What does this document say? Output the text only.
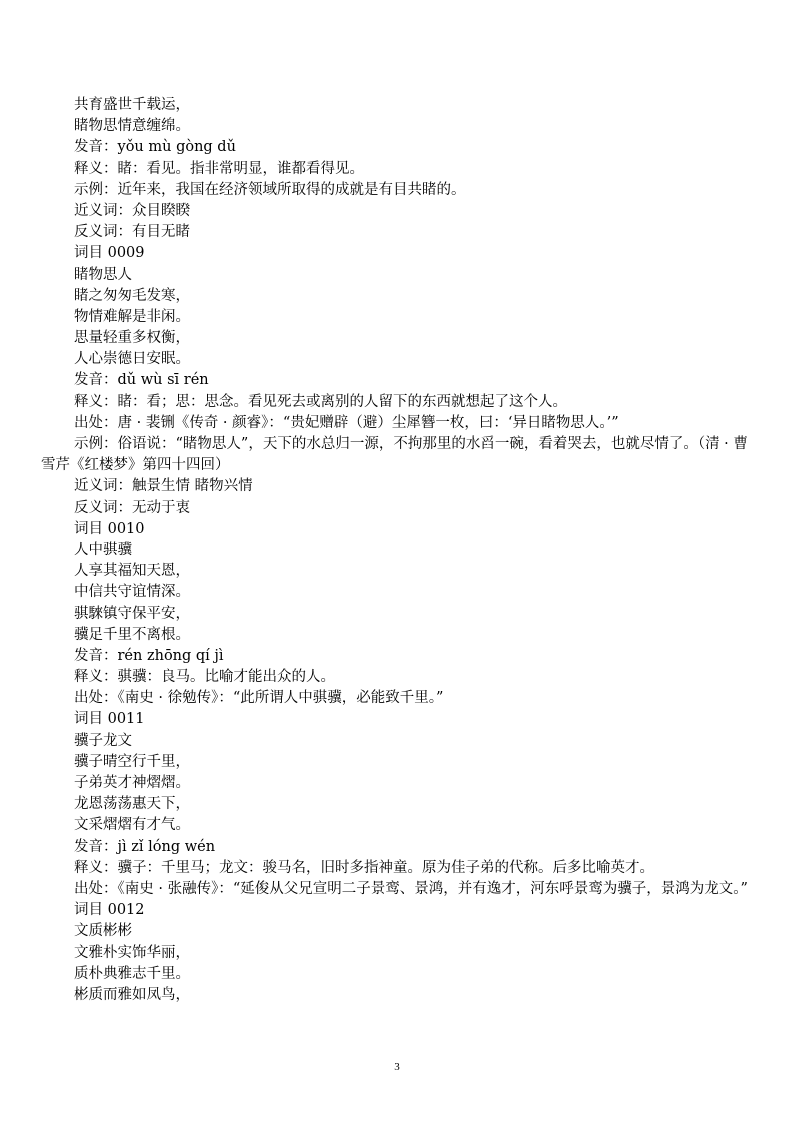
共育盛世千载运，
睹物思情意缠绵。
发音：yǒu mù gòng dǔ
释义：睹：看见。指非常明显，谁都看得见。
示例：近年来，我国在经济领域所取得的成就是有目共睹的。
近义词：众目睽睽
反义词：有目无睹
词目 0009
睹物思人
睹之匆匆毛发寒，
物情难解是非闲。
思量轻重多权衡，
人心崇德日安眠。
发音：dǔ wù sī rén
释义：睹：看；思：思念。看见死去或离别的人留下的东西就想起了这个人。
出处：唐 · 裴铏《传奇 · 颜睿》：“贵妃赠辟（避）尘犀簪一枚，曰：‘异日睹物思人。’”
示例：俗语说：“睹物思人”，天下的水总归一源，不拘那里的水舀一碗，看着哭去，也就尽情了。（清 · 曹雪芹《红楼梦》第四十四回）
近义词：触景生情 睹物兴情
反义词：无动于衷
词目 0010
人中骐骥
人享其福知天恩，
中信共守谊情深。
骐騋镇守保平安，
骥足千里不离根。
发音：rén zhōng qí jì
释义：骐骥：良马。比喻才能出众的人。
出处：《南史 · 徐勉传》：“此所谓人中骐骥，必能致千里。”
词目 0011
骥子龙文
骥子晴空行千里，
子弟英才神熠熠。
龙恩荡荡惠天下，
文采熠熠有才气。
发音：jì zǐ lóng wén
释义：骥子：千里马；龙文：骏马名，旧时多指神童。原为佳子弟的代称。后多比喻英才。
出处：《南史 · 张融传》：“延俊从父兄宣明二子景鸾、景鸿，并有逸才，河东呼景鸾为骥子，景鸿为龙文。”
词目 0012
文质彬彬
文雅朴实饰华丽，
质朴典雅志千里。
彬质而雅如凤鸟，
3
